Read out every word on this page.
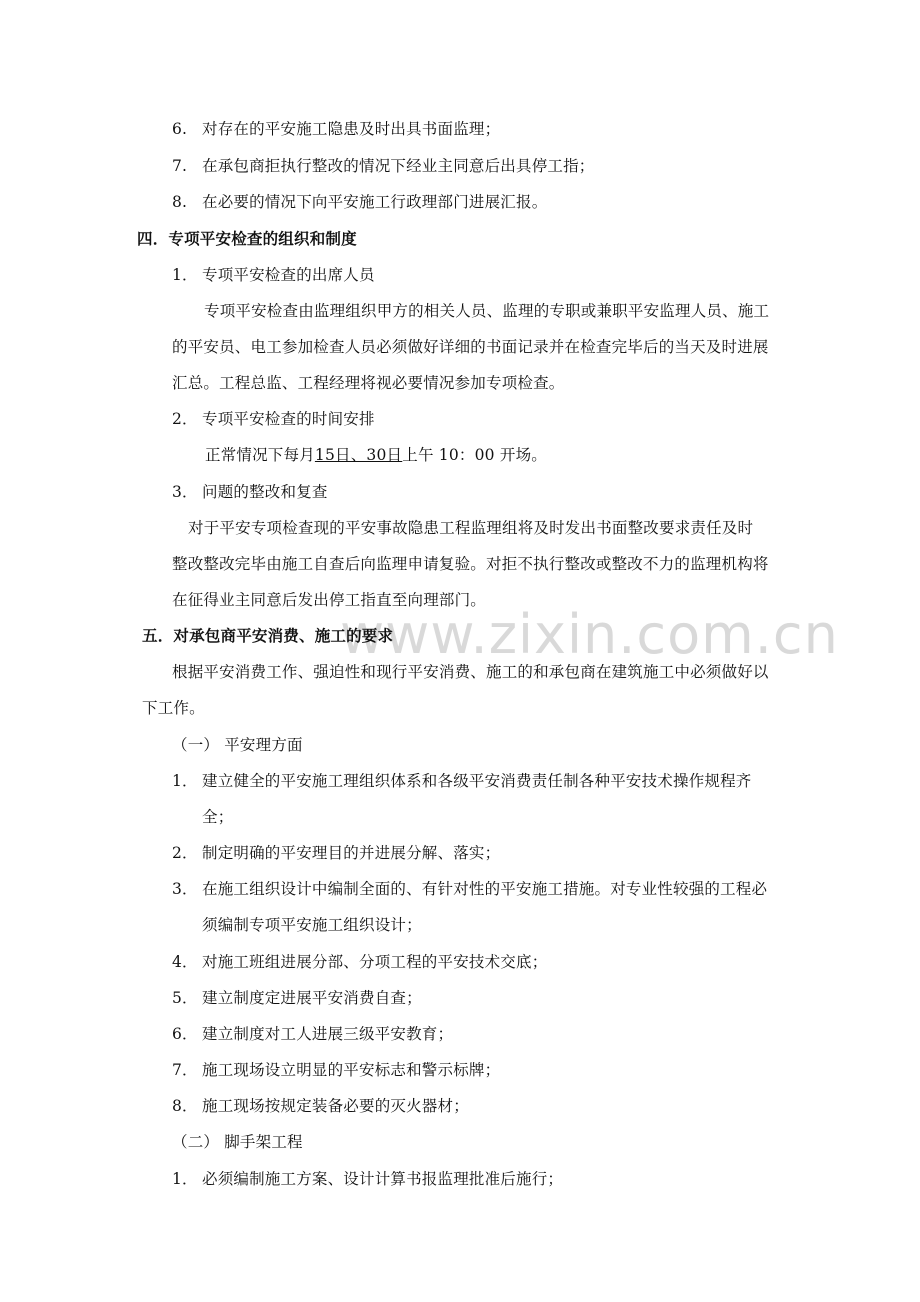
6. 对存在的平安施工隐患及时出具书面监理；
7. 在承包商拒执行整改的情况下经业主同意后出具停工指；
8. 在必要的情况下向平安施工行政理部门进展汇报。
四．专项平安检查的组织和制度
1． 专项平安检查的出席人员
专项平安检查由监理组织甲方的相关人员、监理的专职或兼职平安监理人员、施工
的平安员、电工参加检查人员必须做好详细的书面记录并在检查完毕后的当天及时进展
汇总。工程总监、工程经理将视必要情况参加专项检查。
2． 专项平安检查的时间安排
正常情况下每月15日、30日上午 10：00 开场。
3． 问题的整改和复查
对于平安专项检查现的平安事故隐患工程监理组将及时发出书面整改要求责任及时
整改整改完毕由施工自查后向监理申请复验。对拒不执行整改或整改不力的监理机构将
在征得业主同意后发出停工指直至向理部门。
www.zixin.com.cn
五．对承包商平安消费、施工的要求
根据平安消费工作、强迫性和现行平安消费、施工的和承包商在建筑施工中必须做好以
下工作。
（一） 平安理方面
1． 建立健全的平安施工理组织体系和各级平安消费责任制各种平安技术操作规程齐
全；
2． 制定明确的平安理目的并进展分解、落实；
3． 在施工组织设计中编制全面的、有针对性的平安施工措施。对专业性较强的工程必
须编制专项平安施工组织设计；
4． 对施工班组进展分部、分项工程的平安技术交底；
5． 建立制度定进展平安消费自查；
6． 建立制度对工人进展三级平安教育；
7． 施工现场设立明显的平安标志和警示标牌；
8． 施工现场按规定装备必要的灭火器材；
（二） 脚手架工程
1． 必须编制施工方案、设计计算书报监理批准后施行；
